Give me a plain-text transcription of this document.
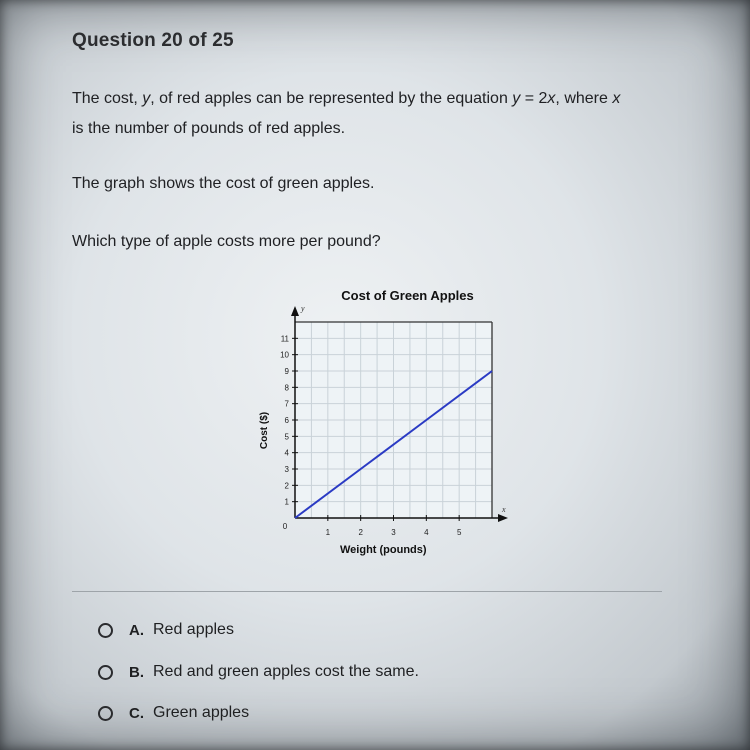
Question 20 of 25
The cost, y, of red apples can be represented by the equation y = 2x, where x
is the number of pounds of red apples.
The graph shows the cost of green apples.
Which type of apple costs more per pound?
Cost of Green Apples
Cost ($)
Weight (pounds)
x
y
1
2
3
4
5
6
7
8
9
10
11
1	2	3	4	5
0
A. Red apples
B. Red and green apples cost the same.
C. Green apples
